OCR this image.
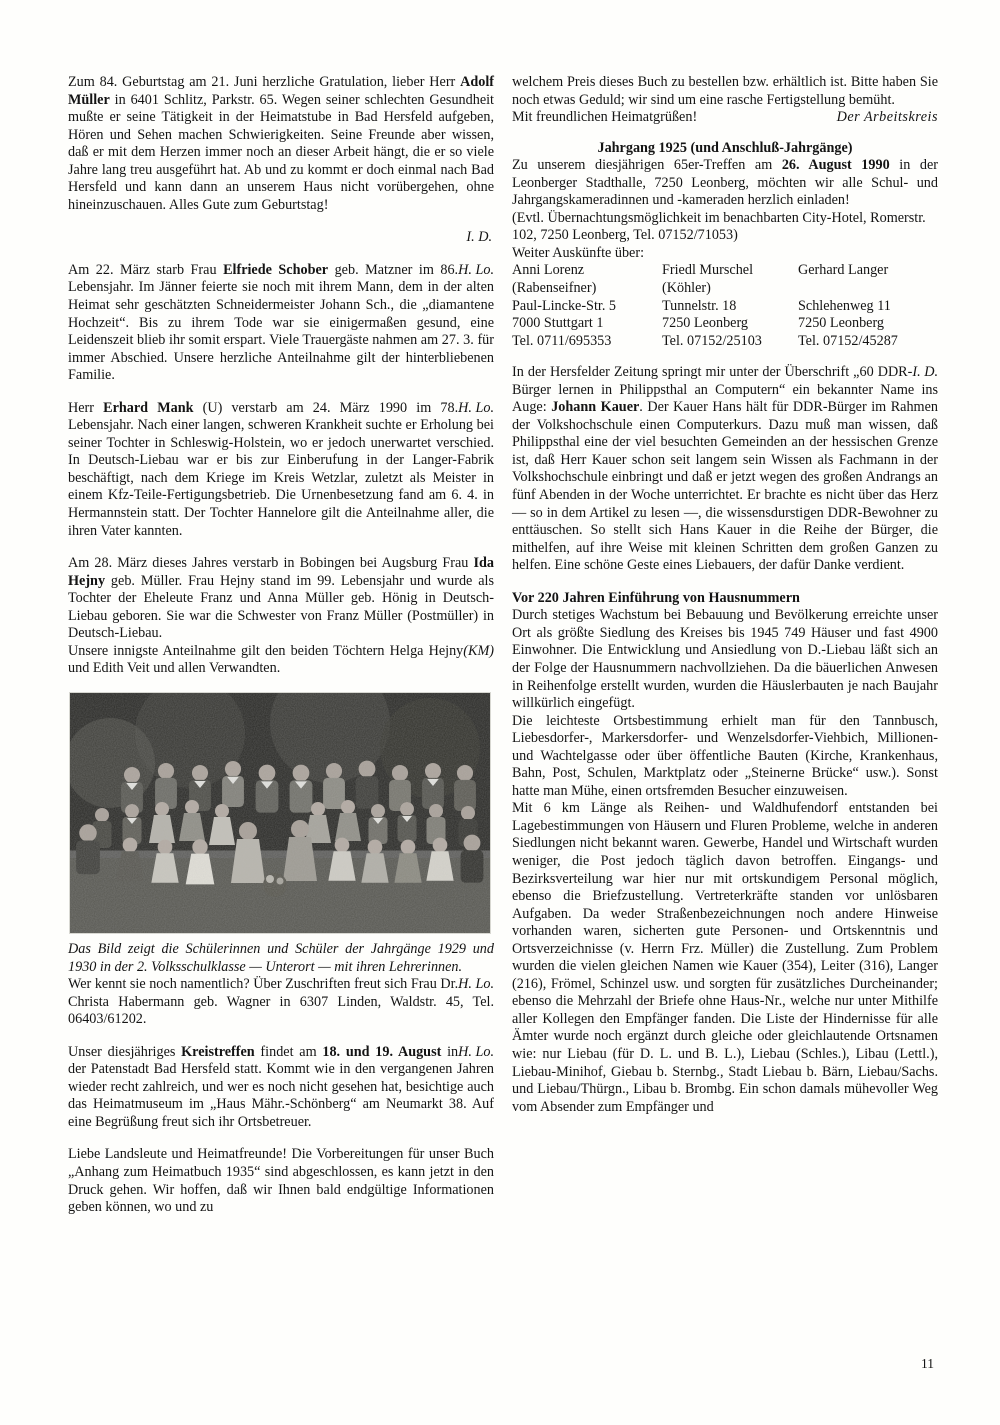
Zum 84. Geburtstag am 21. Juni herzliche Gratulation, lieber Herr Adolf Müller in 6401 Schlitz, Parkstr. 65. Wegen seiner schlechten Gesundheit mußte er seine Tätigkeit in der Heimatstube in Bad Hersfeld aufgeben, Hören und Sehen machen Schwierigkeiten. Seine Freunde aber wissen, daß er mit dem Herzen immer noch an dieser Arbeit hängt, die er so viele Jahre lang treu ausgeführt hat. Ab und zu kommt er doch einmal nach Bad Hersfeld und kann dann an unserem Haus nicht vorübergehen, ohne hineinzuschauen. Alles Gute zum Geburtstag!

I. D.

H. Lo.
Am 22. März starb Frau Elfriede Schober geb. Matzner im 86. Lebensjahr. Im Jänner feierte sie noch mit ihrem Mann, dem in der alten Heimat sehr geschätzten Schneidermeister Johann Sch., die „diamantene Hochzeit“. Bis zu ihrem Tode war sie einigermaßen gesund, eine Leidenszeit blieb ihr somit erspart. Viele Trauergäste nahmen am 27. 3. für immer Abschied. Unsere herzliche Anteilnahme gilt der hinterbliebenen Familie.

H. Lo.
Herr Erhard Mank (U) verstarb am 24. März 1990 im 78. Lebensjahr. Nach einer langen, schweren Krankheit suchte er Erholung bei seiner Tochter in Schleswig-Holstein, wo er jedoch unerwartet verschied. In Deutsch-Liebau war er bis zur Einberufung in der Langer-Fabrik beschäftigt, nach dem Kriege im Kreis Wetzlar, zuletzt als Meister in einem Kfz-Teile-Fertigungsbetrieb. Die Urnenbesetzung fand am 6. 4. in Hermannstein statt. Der Tochter Hannelore gilt die Anteilnahme aller, die ihren Vater kannten.

Am 28. März dieses Jahres verstarb in Bobingen bei Augsburg Frau Ida Hejny geb. Müller. Frau Hejny stand im 99. Lebensjahr und wurde als Tochter der Eheleute Franz und Anna Müller geb. Hönig in Deutsch-Liebau geboren. Sie war die Schwester von Franz Müller (Postmüller) in Deutsch-Liebau.

(KM)
Unsere innigste Anteilnahme gilt den beiden Töchtern Helga Hejny und Edith Veit und allen Verwandten.

Das Bild zeigt die Schülerinnen und Schüler der Jahrgänge 1929 und 1930 in der 2. Volksschulklasse — Unterort — mit ihren Lehrerinnen.

H. Lo.
Wer kennt sie noch namentlich? Über Zuschriften freut sich Frau Dr. Christa Habermann geb. Wagner in 6307 Linden, Waldstr. 45, Tel. 06403/61202.

H. Lo.
Unser diesjähriges Kreistreffen findet am 18. und 19. August in der Patenstadt Bad Hersfeld statt. Kommt wie in den vergangenen Jahren wieder recht zahlreich, und wer es noch nicht gesehen hat, besichtige auch das Heimatmuseum im „Haus Mähr.-Schönberg“ am Neumarkt 38. Auf eine Begrüßung freut sich ihr Ortsbetreuer.

Liebe Landsleute und Heimatfreunde! Die Vorbereitungen für unser Buch „Anhang zum Heimatbuch 1935“ sind abgeschlossen, es kann jetzt in den Druck gehen. Wir hoffen, daß wir Ihnen bald endgültige Informationen geben können, wo und zu

welchem Preis dieses Buch zu bestellen bzw. erhältlich ist. Bitte haben Sie noch etwas Geduld; wir sind um eine rasche Fertigstellung bemüht.

Mit freundlichen Heimatgrüßen!	Der Arbeitskreis
Jahrgang 1925 (und Anschluß-Jahrgänge)

Zu unserem diesjährigen 65er-Treffen am 26. August 1990 in der Leonberger Stadthalle, 7250 Leonberg, möchten wir alle Schul- und Jahrgangskameradinnen und -kameraden herzlich einladen!

(Evtl. Übernachtungsmöglichkeit im benachbarten City-Hotel, Romerstr. 102, 7250 Leonberg, Tel. 07152/71053)

Weiter Auskünfte über:

Anni Lorenz
(Rabenseifner)
Paul-Lincke-Str. 5
7000 Stuttgart 1
Tel. 0711/695353
Friedl Murschel
(Köhler)
Tunnelstr. 18
7250 Leonberg
Tel. 07152/25103
Gerhard Langer
Schlehenweg 11
7250 Leonberg
Tel. 07152/45287

I. D.
In der Hersfelder Zeitung springt mir unter der Überschrift „60 DDR-Bürger lernen in Philippsthal an Computern“ ein bekannter Name ins Auge: Johann Kauer. Der Kauer Hans hält für DDR-Bürger im Rahmen der Volkshochschule einen Computerkurs. Dazu muß man wissen, daß Philippsthal eine der viel besuchten Gemeinden an der hessischen Grenze ist, daß Herr Kauer schon seit langem sein Wissen als Fachmann in der Volkshochschule einbringt und daß er jetzt wegen des großen Andrangs an fünf Abenden in der Woche unterrichtet. Er brachte es nicht über das Herz — so in dem Artikel zu lesen —, die wissensdurstigen DDR-Bewohner zu enttäuschen. So stellt sich Hans Kauer in die Reihe der Bürger, die mithelfen, auf ihre Weise mit kleinen Schritten dem großen Ganzen zu helfen. Eine schöne Geste eines Liebauers, der dafür Danke verdient.

Vor 220 Jahren Einführung von Hausnummern

Durch stetiges Wachstum bei Bebauung und Bevölkerung erreichte unser Ort als größte Siedlung des Kreises bis 1945 749 Häuser und fast 4900 Einwohner. Die Entwicklung und Ansiedlung von D.-Liebau läßt sich an der Folge der Hausnummern nachvollziehen. Da die bäuerlichen Anwesen in Reihenfolge erstellt wurden, wurden die Häuslerbauten je nach Baujahr willkürlich eingefügt.

Die leichteste Ortsbestimmung erhielt man für den Tannbusch, Liebesdorfer-, Markersdorfer- und Wenzelsdorfer-Viehbich, Millionen- und Wachtelgasse oder über öffentliche Bauten (Kirche, Krankenhaus, Bahn, Post, Schulen, Marktplatz oder „Steinerne Brücke“ usw.). Sonst hatte man Mühe, einen ortsfremden Besucher einzuweisen.

Mit 6 km Länge als Reihen- und Waldhufendorf entstanden bei Lagebestimmungen von Häusern und Fluren Probleme, welche in anderen Siedlungen nicht bekannt waren. Gewerbe, Handel und Wirtschaft wurden weniger, die Post jedoch täglich davon betroffen. Eingangs- und Bezirksverteilung war hier nur mit ortskundigem Personal möglich, ebenso die Briefzustellung. Vertreterkräfte standen vor unlösbaren Aufgaben. Da weder Straßenbezeichnungen noch andere Hinweise vorhanden waren, sicherten gute Personen- und Ortskenntnis und Ortsverzeichnisse (v. Herrn Frz. Müller) die Zustellung. Zum Problem wurden die vielen gleichen Namen wie Kauer (354), Leiter (316), Langer (216), Frömel, Schinzel usw. und sorgten für zusätzliches Durcheinander; ebenso die Mehrzahl der Briefe ohne Haus-Nr., welche nur unter Mithilfe aller Kollegen den Empfänger fanden. Die Liste der Hindernisse für alle Ämter wurde noch ergänzt durch gleiche oder gleichlautende Ortsnamen wie: nur Liebau (für D. L. und B. L.), Liebau (Schles.), Libau (Lettl.), Liebau-Minihof, Giebau b. Sternbg., Stadt Liebau b. Bärn, Liebau/Sachs. und Liebau/Thürgn., Libau b. Brombg. Ein schon damals mühevoller Weg vom Absender zum Empfänger und

11
